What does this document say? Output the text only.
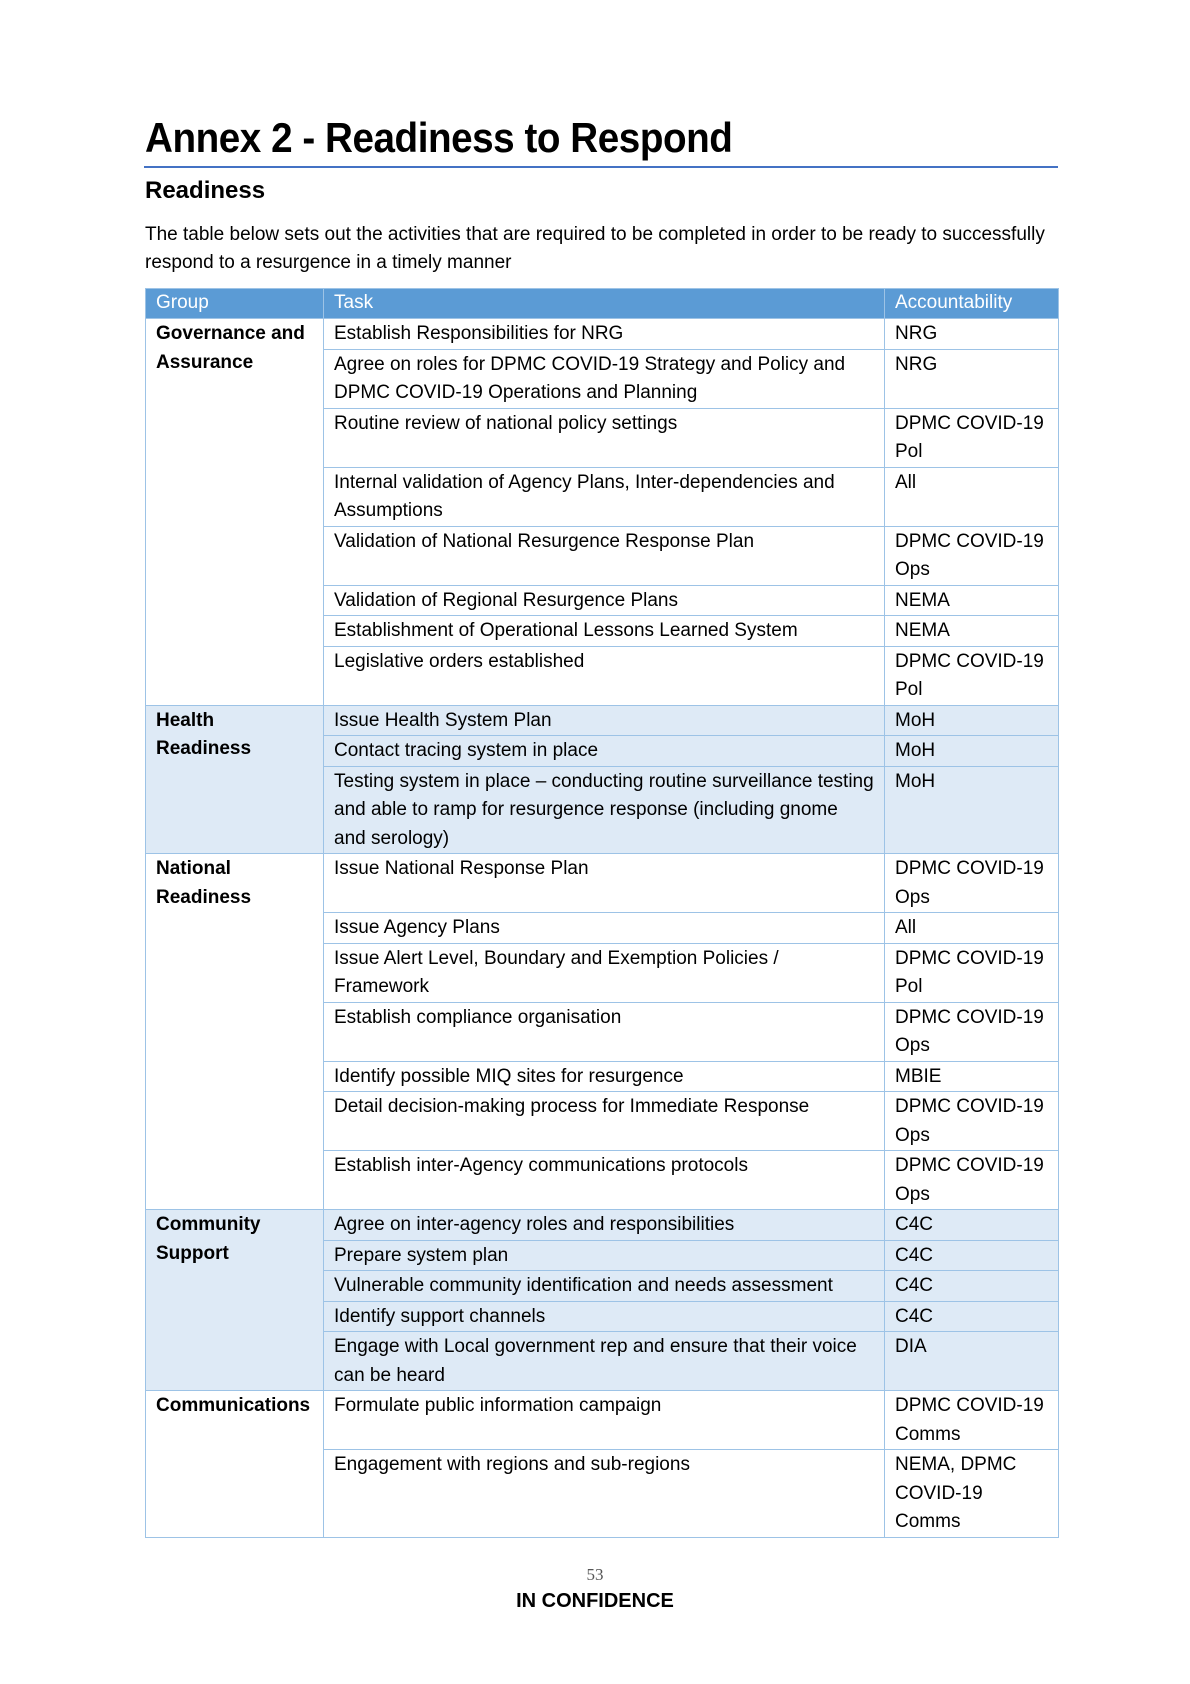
Annex 2 - Readiness to Respond
Readiness

The table below sets out the activities that are required to be completed in order to be ready to successfully respond to a resurgence in a timely manner

Group	Task	Accountability
Governance and Assurance	Establish Responsibilities for NRG	NRG
	Agree on roles for DPMC COVID-19 Strategy and Policy and DPMC COVID-19 Operations and Planning	NRG
	Routine review of national policy settings	DPMC COVID-19 Pol
	Internal validation of Agency Plans, Inter-dependencies and Assumptions	All
	Validation of National Resurgence Response Plan	DPMC COVID-19 Ops
	Validation of Regional Resurgence Plans	NEMA
	Establishment of Operational Lessons Learned System	NEMA
	Legislative orders established	DPMC COVID-19 Pol
Health Readiness	Issue Health System Plan	MoH
	Contact tracing system in place	MoH
	Testing system in place – conducting routine surveillance testing and able to ramp for resurgence response (including gnome and serology)	MoH
National Readiness	Issue National Response Plan	DPMC COVID-19 Ops
	Issue Agency Plans	All
	Issue Alert Level, Boundary and Exemption Policies / Framework	DPMC COVID-19 Pol
	Establish compliance organisation	DPMC COVID-19 Ops
	Identify possible MIQ sites for resurgence	MBIE
	Detail decision-making process for Immediate Response	DPMC COVID-19 Ops
	Establish inter-Agency communications protocols	DPMC COVID-19 Ops
Community Support	Agree on inter-agency roles and responsibilities	C4C
	Prepare system plan	C4C
	Vulnerable community identification and needs assessment	C4C
	Identify support channels	C4C
	Engage with Local government rep and ensure that their voice can be heard	DIA
Communications	Formulate public information campaign	DPMC COVID-19 Comms
	Engagement with regions and sub-regions	NEMA, DPMC COVID-19 Comms
53
IN CONFIDENCE
